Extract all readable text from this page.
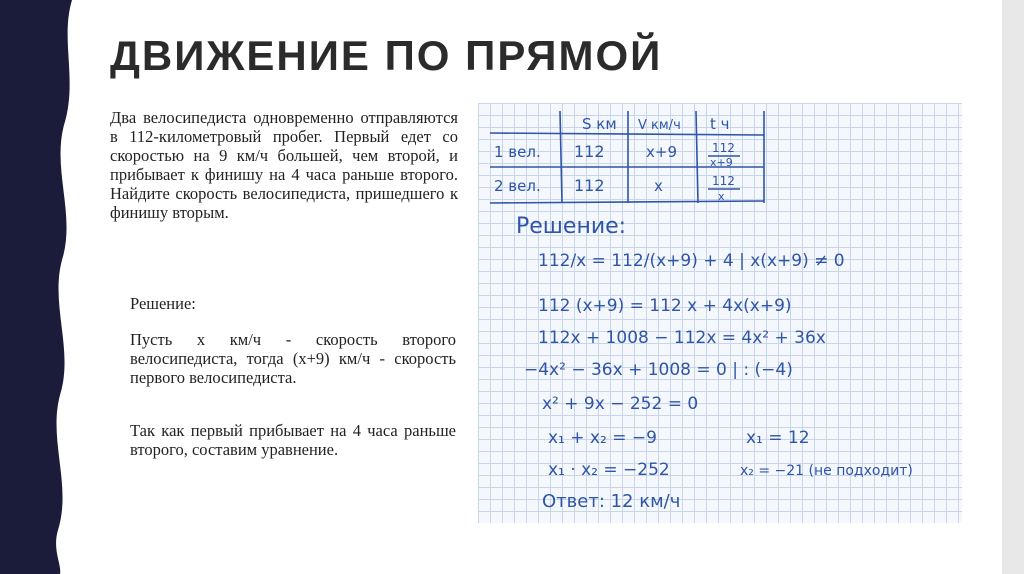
ДВИЖЕНИЕ ПО ПРЯМОЙ

Два велосипедиста одновременно отправляются в 112-километровый пробег. Первый едет со скоростью на 9 км/ч большей, чем второй, и прибывает к финишу на 4 часа раньше второго. Найдите скорость велосипедиста, пришедшего к финишу вторым.

Решение:

Пусть x км/ч - скорость второго велосипедиста, тогда (x+9) км/ч - скорость первого велосипедиста.

Так как первый прибывает на 4 часа раньше второго, составим уравнение.

S км V км/ч t ч
1 вел. 112	x+9	112
x+9
2 вел. 112	x	112
x
Решение:
112/x = 112/(x+9) + 4 | x(x+9) ≠ 0
112 (x+9) = 112 x + 4x(x+9)
112x + 1008 − 112x = 4x² + 36x
−4x² − 36x + 1008 = 0 | : (−4)
x² + 9x − 252 = 0
x₁ + x₂ = −9
x₁ · x₂ = −252
x₁ = 12
x₂ = −21 (не подходит)
Ответ: 12 км/ч
